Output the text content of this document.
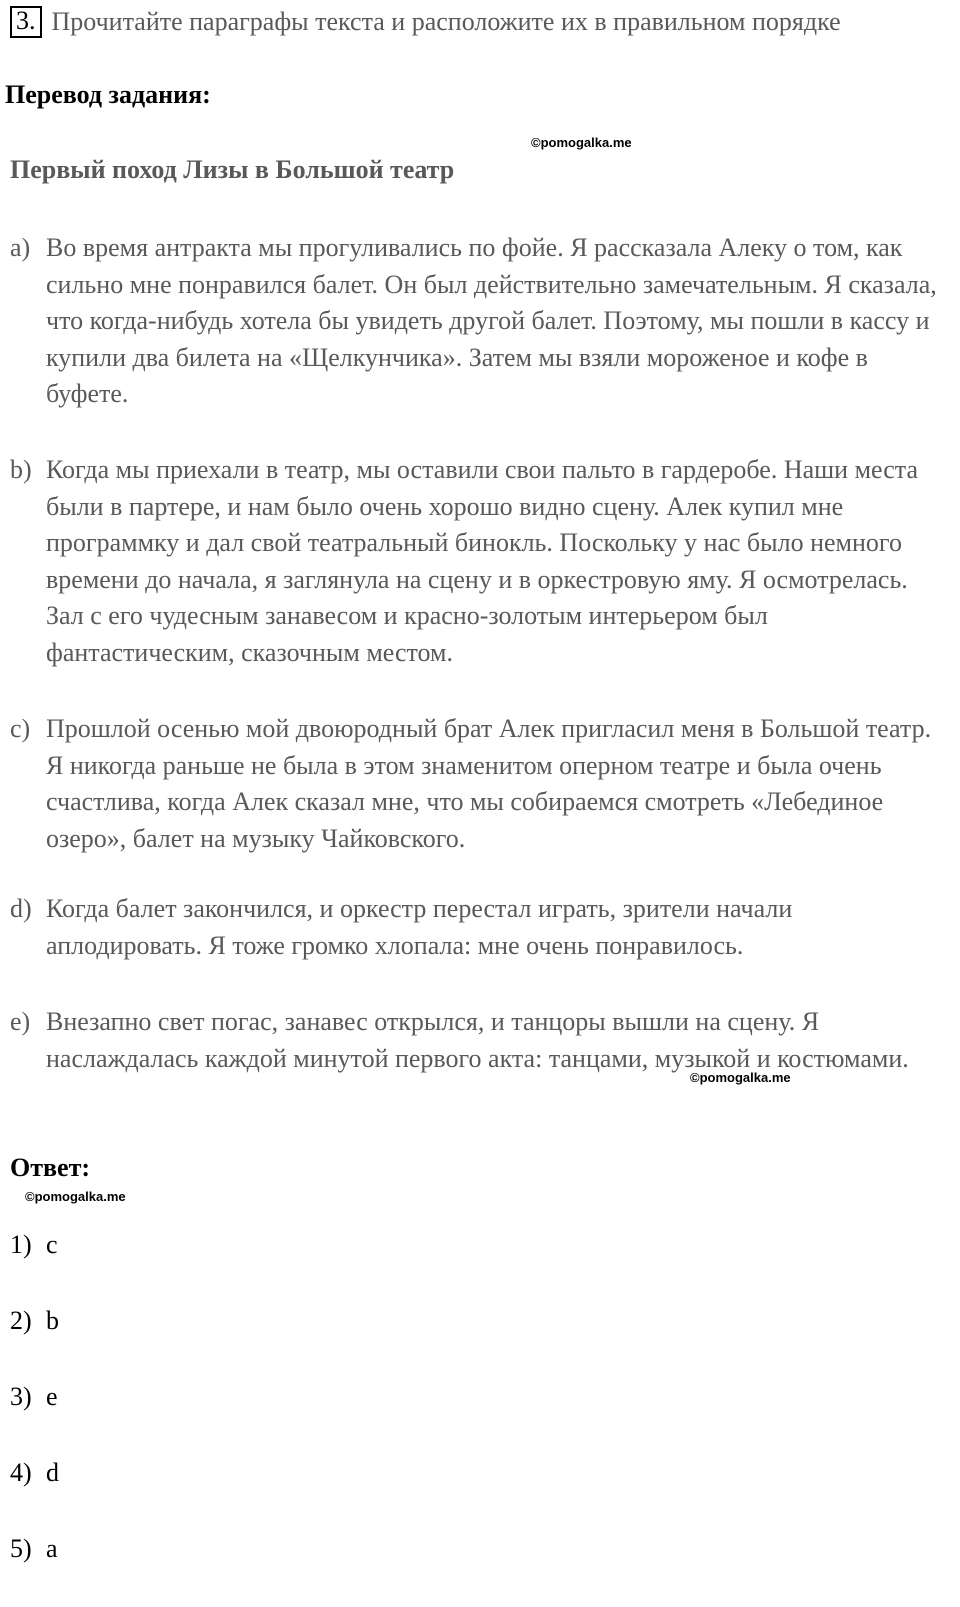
3. Прочитайте параграфы текста и расположите их в правильном порядке
Перевод задания:
©pomogalka.me
Первый поход Лизы в Большой театр
a) Во время антракта мы прогуливались по фойе. Я рассказала Алеку о том, как сильно мне понравился балет. Он был действительно замечательным. Я сказала, что когда-нибудь хотела бы увидеть другой балет. Поэтому, мы пошли в кассу и купили два билета на «Щелкунчика». Затем мы взяли мороженое и кофе в буфете.
b) Когда мы приехали в театр, мы оставили свои пальто в гардеробе. Наши места были в партере, и нам было очень хорошо видно сцену. Алек купил мне программку и дал свой театральный бинокль. Поскольку у нас было немного времени до начала, я заглянула на сцену и в оркестровую яму. Я осмотрелась. Зал с его чудесным занавесом и красно-золотым интерьером был фантастическим, сказочным местом.
c) Прошлой осенью мой двоюродный брат Алек пригласил меня в Большой театр. Я никогда раньше не была в этом знаменитом оперном театре и была очень счастлива, когда Алек сказал мне, что мы собираемся смотреть «Лебединое озеро», балет на музыку Чайковского.
d) Когда балет закончился, и оркестр перестал играть, зрители начали аплодировать. Я тоже громко хлопала: мне очень понравилось.
e) Внезапно свет погас, занавес открылся, и танцоры вышли на сцену. Я наслаждалась каждой минутой первого акта: танцами, музыкой и костюмами.
©pomogalka.me
Ответ:
©pomogalka.me
1) c
2) b
3) e
4) d
5) a
